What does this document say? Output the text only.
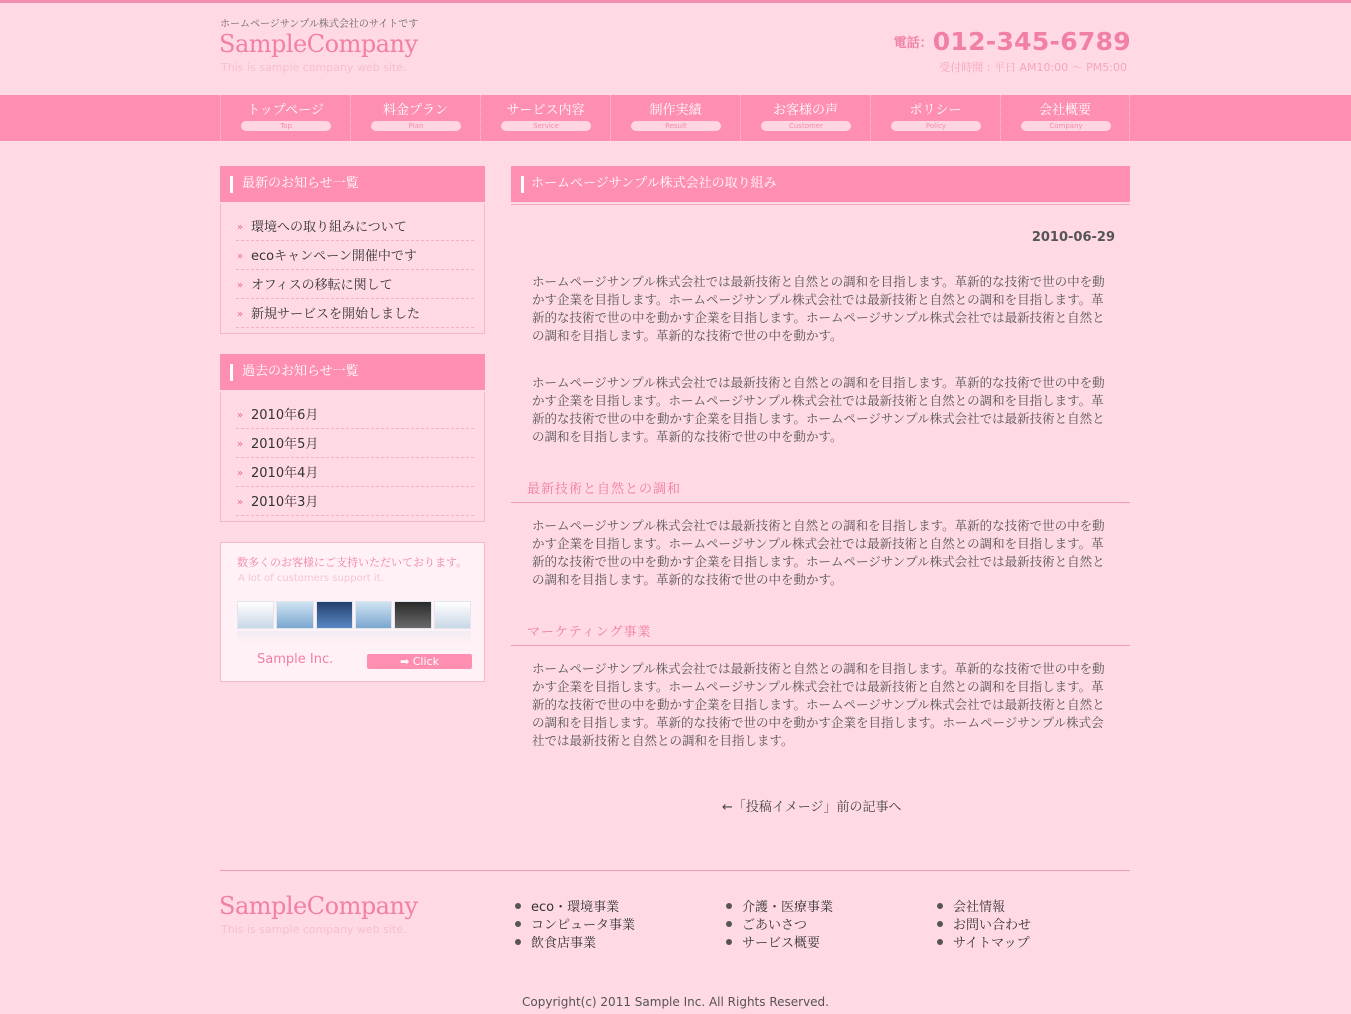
ホームページサンプル株式会社のサイトです
SampleCompany
This is sample company web site.
電話：012-345-6789
受付時間 : 平日 AM10:00 〜 PM5:00
トップページ
Top
料金プラン
Plan
サービス内容
Service
制作実績
Result
お客様の声
Customer
ポリシー
Policy
会社概要
Company
最新のお知らせ一覧
» 環境への取り組みについて
» ecoキャンペーン開催中です
» オフィスの移転に関して
» 新規サービスを開始しました
過去のお知らせ一覧
» 2010年6月
» 2010年5月
» 2010年4月
» 2010年3月
数多くのお客様にご支持いただいております。
A lot of customers support it.
Sample Inc.	➡ Click
ホームページサンプル株式会社の取り組み
2010-06-29
ホームページサンプル株式会社では最新技術と自然との調和を目指します。革新的な技術で世の中を動かす企業を目指します。ホームページサンプル株式会社では最新技術と自然との調和を目指します。革新的な技術で世の中を動かす企業を目指します。ホームページサンプル株式会社では最新技術と自然との調和を目指します。革新的な技術で世の中を動かす。
ホームページサンプル株式会社では最新技術と自然との調和を目指します。革新的な技術で世の中を動かす企業を目指します。ホームページサンプル株式会社では最新技術と自然との調和を目指します。革新的な技術で世の中を動かす企業を目指します。ホームページサンプル株式会社では最新技術と自然との調和を目指します。革新的な技術で世の中を動かす。
最新技術と自然との調和
ホームページサンプル株式会社では最新技術と自然との調和を目指します。革新的な技術で世の中を動かす企業を目指します。ホームページサンプル株式会社では最新技術と自然との調和を目指します。革新的な技術で世の中を動かす企業を目指します。ホームページサンプル株式会社では最新技術と自然との調和を目指します。革新的な技術で世の中を動かす。
マーケティング事業
ホームページサンプル株式会社では最新技術と自然との調和を目指します。革新的な技術で世の中を動かす企業を目指します。ホームページサンプル株式会社では最新技術と自然との調和を目指します。革新的な技術で世の中を動かす企業を目指します。ホームページサンプル株式会社では最新技術と自然との調和を目指します。革新的な技術で世の中を動かす企業を目指します。ホームページサンプル株式会社では最新技術と自然との調和を目指します。
←「投稿イメージ」前の記事へ
SampleCompany
This is sample company web site.
eco・環境事業
コンピュータ事業
飲食店事業
介護・医療事業
ごあいさつ
サービス概要
会社情報
お問い合わせ
サイトマップ
Copyright(c) 2011 Sample Inc. All Rights Reserved.
